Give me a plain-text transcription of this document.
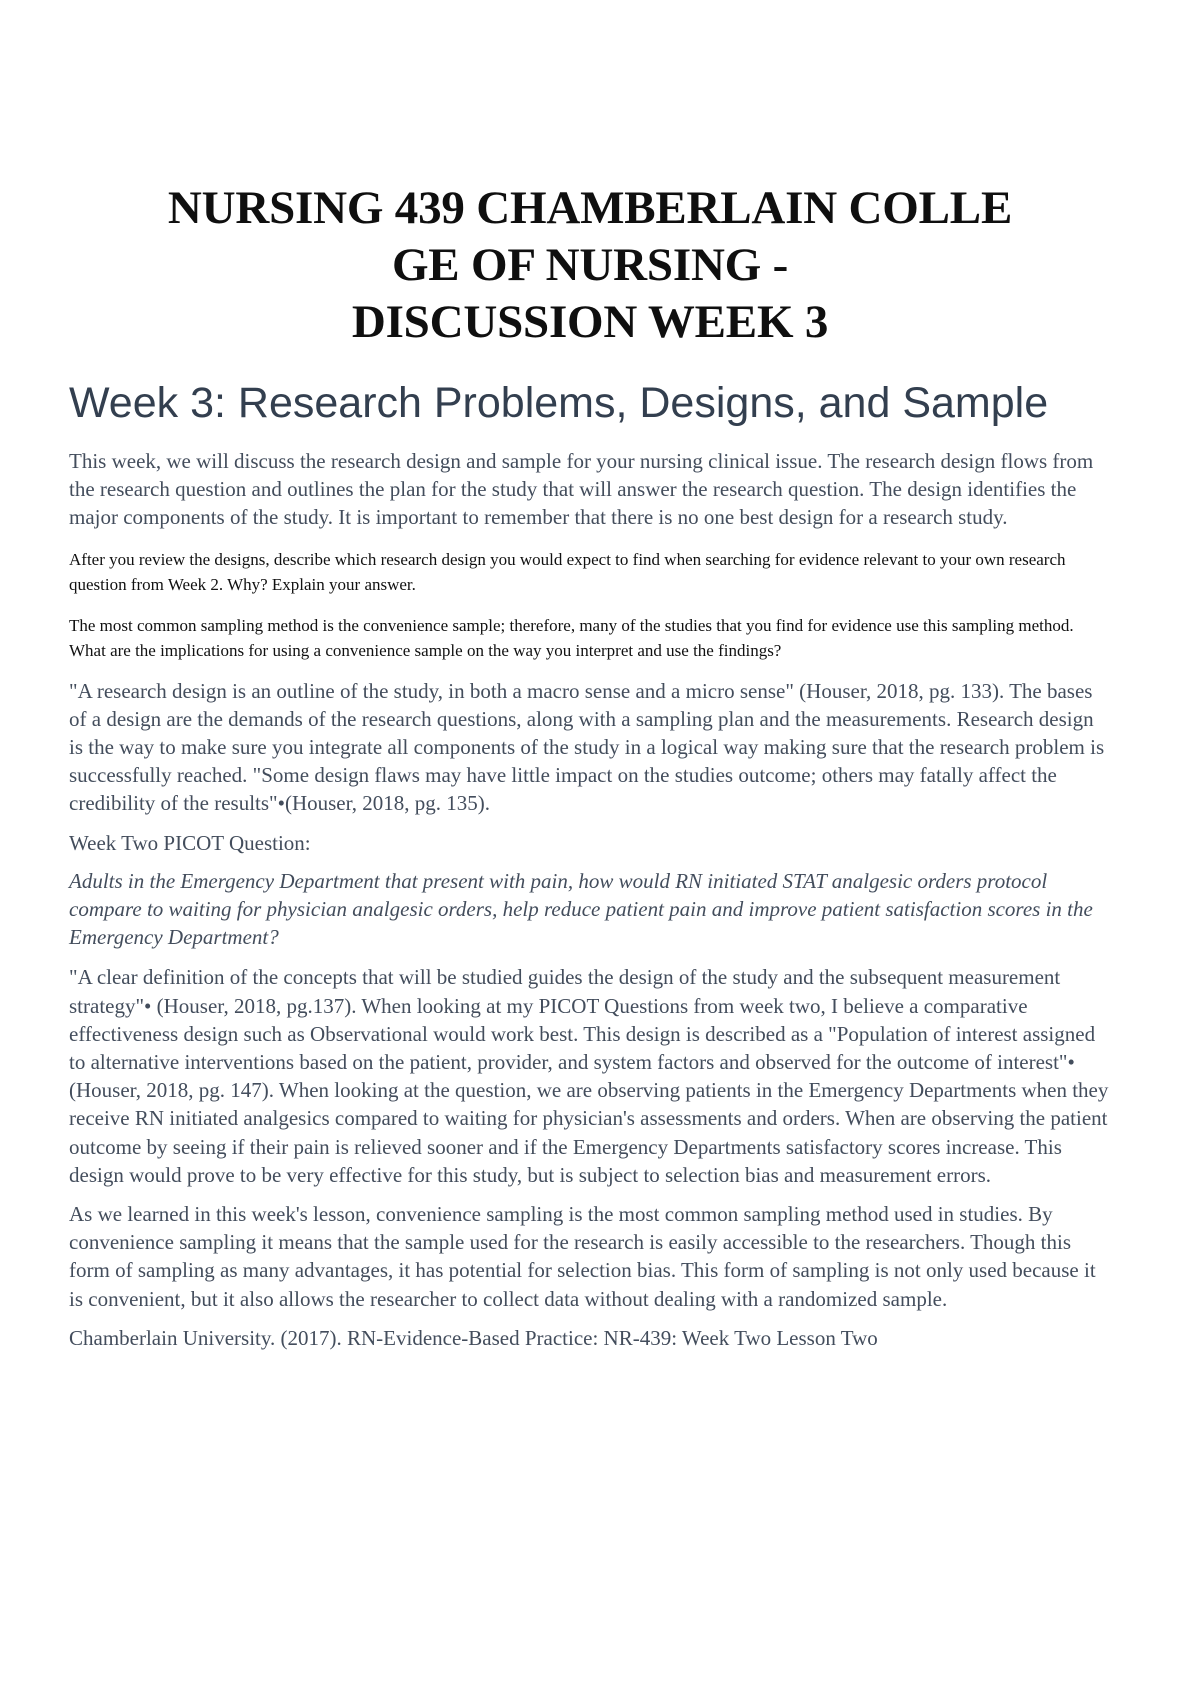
NURSING 439 CHAMBERLAIN COLLE
GE OF NURSING -
DISCUSSION WEEK 3
Week 3: Research Problems, Designs, and Sample

This week, we will discuss the research design and sample for your nursing clinical issue. The research design flows from the research question and outlines the plan for the study that will answer the research question. The design identifies the major components of the study. It is important to remember that there is no one best design for a research study.

After you review the designs, describe which research design you would expect to find when searching for evidence relevant to your own research question from Week 2. Why? Explain your answer.

The most common sampling method is the convenience sample; therefore, many of the studies that you find for evidence use this sampling method. What are the implications for using a convenience sample on the way you interpret and use the findings?

"A research design is an outline of the study, in both a macro sense and a micro sense" (Houser, 2018, pg. 133). The bases of a design are the demands of the research questions, along with a sampling plan and the measurements. Research design is the way to make sure you integrate all components of the study in a logical way making sure that the research problem is successfully reached. "Some design flaws may have little impact on the studies outcome; others may fatally affect the credibility of the results"•(Houser, 2018, pg. 135).

Week Two PICOT Question:

Adults in the Emergency Department that present with pain, how would RN initiated STAT analgesic orders protocol compare to waiting for physician analgesic orders, help reduce patient pain and improve patient satisfaction scores in the Emergency Department?

"A clear definition of the concepts that will be studied guides the design of the study and the subsequent measurement strategy"• (Houser, 2018, pg.137). When looking at my PICOT Questions from week two, I believe a comparative effectiveness design such as Observational would work best. This design is described as a "Population of interest assigned to alternative interventions based on the patient, provider, and system factors and observed for the outcome of interest"• (Houser, 2018, pg. 147). When looking at the question, we are observing patients in the Emergency Departments when they receive RN initiated analgesics compared to waiting for physician's assessments and orders. When are observing the patient outcome by seeing if their pain is relieved sooner and if the Emergency Departments satisfactory scores increase. This design would prove to be very effective for this study, but is subject to selection bias and measurement errors.

As we learned in this week's lesson, convenience sampling is the most common sampling method used in studies. By convenience sampling it means that the sample used for the research is easily accessible to the researchers. Though this form of sampling as many advantages, it has potential for selection bias. This form of sampling is not only used because it is convenient, but it also allows the researcher to collect data without dealing with a randomized sample.

Chamberlain University. (2017). RN-Evidence-Based Practice: NR-439: Week Two Lesson Two
